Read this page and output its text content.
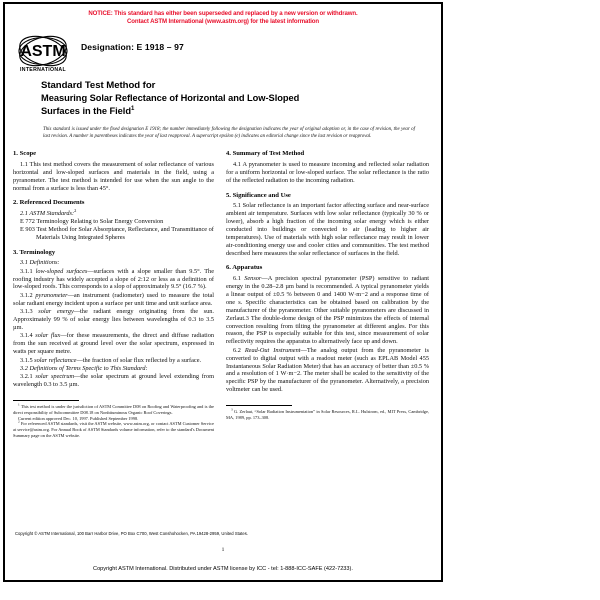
NOTICE: This standard has either been superseded and replaced by a new version or withdrawn.
Contact ASTM International (www.astm.org) for the latest information
ASTM
INTERNATIONAL
Designation: E 1918 – 97
Standard Test Method for
Measuring Solar Reflectance of Horizontal and Low-Sloped
Surfaces in the Field$^1$

This standard is issued under the fixed designation E 1918; the number immediately following the designation indicates the year of original adoption or, in the case of revision, the year of last revision. A number in parentheses indicates the year of last reapproval. A superscript epsilon (є) indicates an editorial change since the last revision or reapproval.

1. Scope

1.1 This test method covers the measurement of solar reflectance of various horizontal and low-sloped surfaces and materials in the field, using a pyranometer. The test method is intended for use when the sun angle to the normal from a surface is less than 45°.

2. Referenced Documents

2.1 ASTM Standards:$^2$

E 772 Terminology Relating to Solar Energy Conversion

E 903 Test Method for Solar Absorptance, Reflectance, and Transmittance of Materials Using Integrated Spheres

3. Terminology

3.1 Definitions:

3.1.1 low-sloped surfaces—surfaces with a slope smaller than 9.5°. The roofing industry has widely accepted a slope of 2:12 or less as a definition of low-sloped roofs. This corresponds to a slop of approximately 9.5° (16.7 %).

3.1.2 pyranometer—an instrument (radiometer) used to measure the total solar radiant energy incident upon a surface per unit time and unit surface area.

3.1.3 solar energy—the radiant energy originating from the sun. Approximately 99 % of solar energy lies between wavelengths of 0.3 to 3.5 µm.

3.1.4 solar flux—for these measurements, the direct and diffuse radiation from the sun received at ground level over the solar spectrum, expressed in watts per square metre.

3.1.5 solar reflectance—the fraction of solar flux reflected by a surface.

3.2 Definitions of Terms Specific to This Standard:

3.2.1 solar spectrum—the solar spectrum at ground level extending from wavelength 0.3 to 3.5 µm.

$^1$ This test method is under the jurisdiction of ASTM Committee D08 on Roofing and Waterproofing and is the direct responsibility of Subcommittee D08.18 on Nonbituminous Organic Roof Coverings.

Current edition approved Dec. 10, 1997. Published September 1998.

$^2$ For referenced ASTM standards, visit the ASTM website, www.astm.org, or contact ASTM Customer Service at service@astm.org. For Annual Book of ASTM Standards volume information, refer to the standard's Document Summary page on the ASTM website.

4. Summary of Test Method

4.1 A pyranometer is used to measure incoming and reflected solar radiation for a uniform horizontal or low-sloped surface. The solar reflectance is the ratio of the reflected radiation to the incoming radiation.

5. Significance and Use

5.1 Solar reflectance is an important factor affecting surface and near-surface ambient air temperature. Surfaces with low solar reflectance (typically 30 % or lower), absorb a high fraction of the incoming solar energy which is either conducted into buildings or convected to air (leading to higher air temperatures). Use of materials with high solar reflectance may result in lower air-conditioning energy use and cooler cities and communities. The test method described here measures the solar reflectance of surfaces in the field.

6. Apparatus

6.1 Sensor—A precision spectral pyranometer (PSP) sensitive to radiant energy in the 0.28–2.8 µm band is recommended. A typical pyranometer yields a linear output of ±0.5 % between 0 and 1400 W·m−2 and a response time of one s. Specific characteristics can be obtained based on calibration by the manufacturer of the pyranometer. Other suitable pyranometers are discussed in Zerlaut.3 The double-dome design of the PSP minimizes the effects of internal convection resulting from tilting the pyranometer at different angles. For this reason, the PSP is especially suitable for this test, since measurement of solar reflectivity requires the apparatus to alternatively face up and down.

6.2 Read-Out Instrument—The analog output from the pyranometer is converted to digital output with a readout meter (such as EPLAB Model 455 Instantaneous Solar Radiation Meter) that has an accuracy of better than ±0.5 % and a resolution of 1 W·m−2. The meter shall be scaled to the sensitivity of the specific PSP by the manufacturer of the pyranometer. Alternatively, a precision voltmeter can be used.

$^3$ G. Zerlaut, “Solar Radiation Instrumentation” in Solar Resources, R.L. Hulstrom, ed., MIT Press, Cambridge, MA, 1989, pp. 173–308.

Copyright © ASTM International, 100 Barr Harbor Drive, PO Box C700, West Conshohocken, PA 19428-2959, United States.
1
Copyright ASTM International. Distributed under ASTM license by ICC - tel: 1-888-ICC-SAFE (422-7233).
